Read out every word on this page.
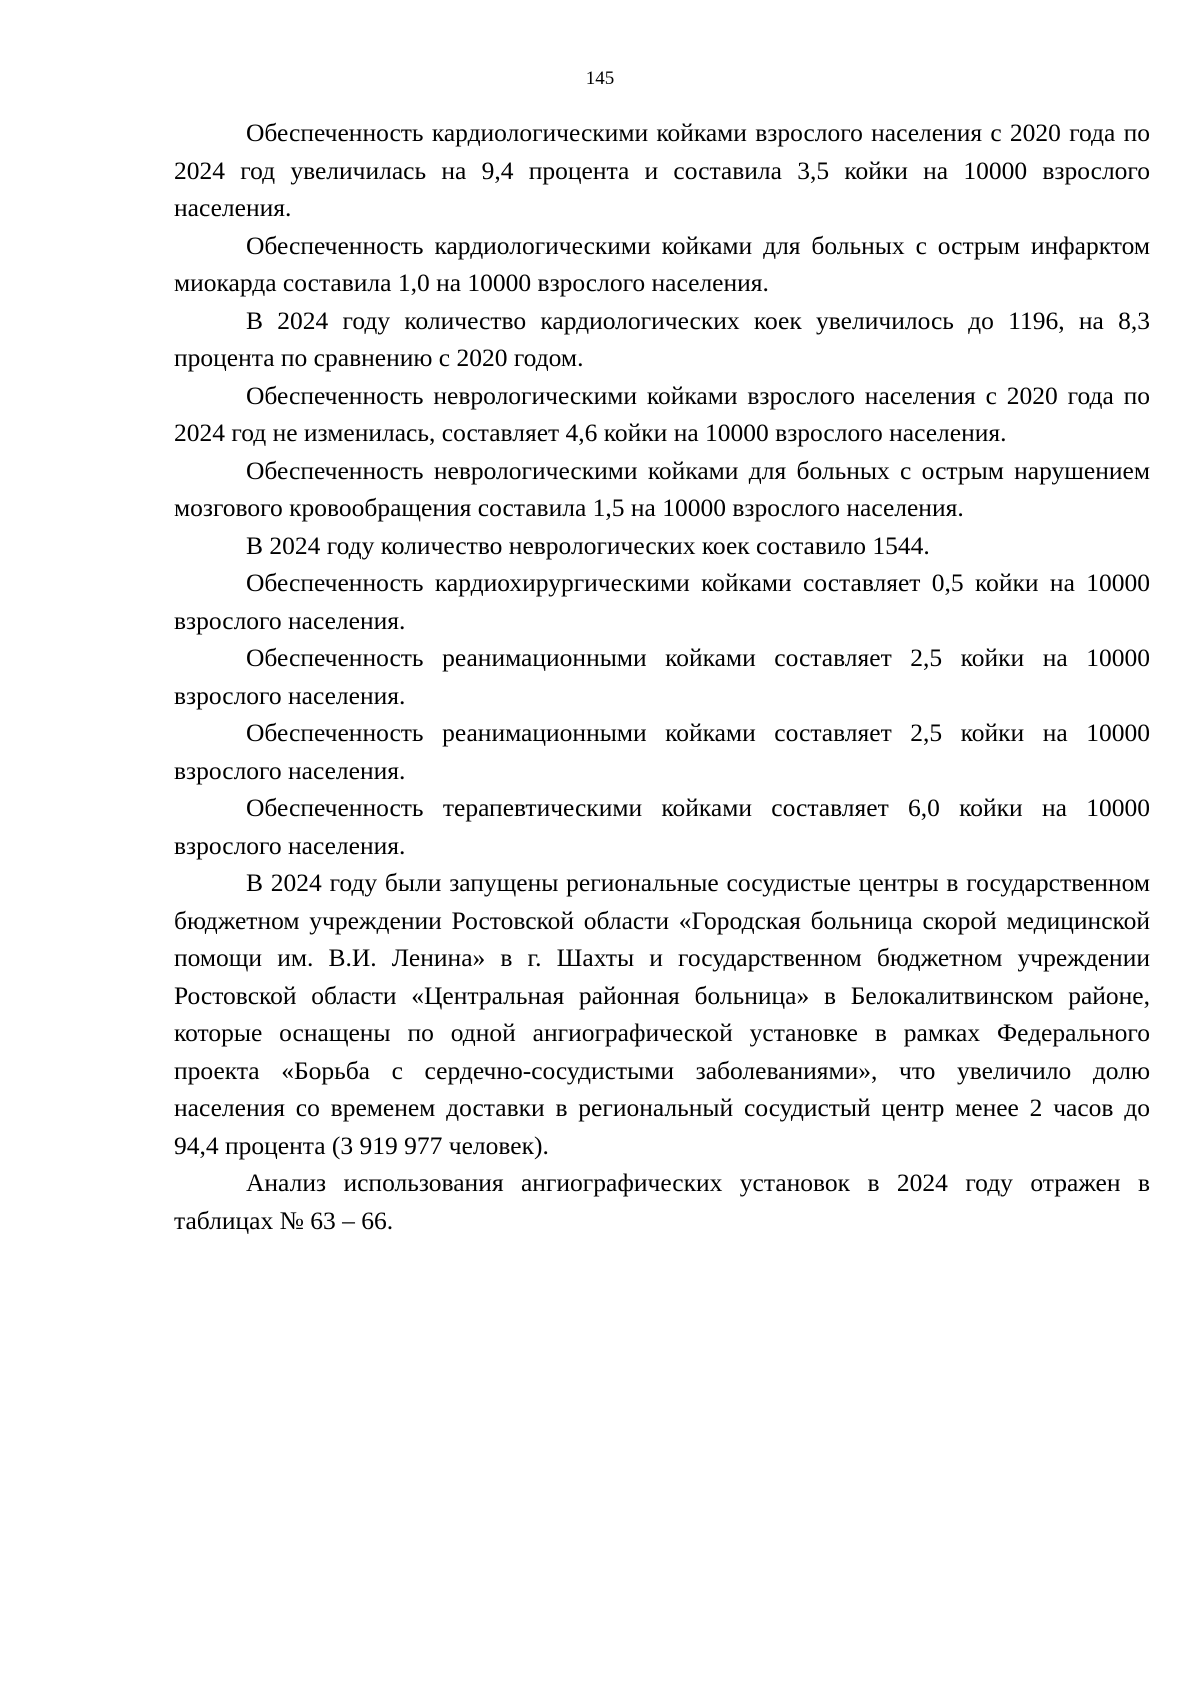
145

Обеспеченность кардиологическими койками взрослого населения с 2020 года по 2024 год увеличилась на 9,4 процента и составила 3,5 койки на 10000 взрослого населения.

Обеспеченность кардиологическими койками для больных с острым инфарктом миокарда составила 1,0 на 10000 взрослого населения.

В 2024 году количество кардиологических коек увеличилось до 1196, на 8,3 процента по сравнению с 2020 годом.

Обеспеченность неврологическими койками взрослого населения с 2020 года по 2024 год не изменилась, составляет 4,6 койки на 10000 взрослого населения.

Обеспеченность неврологическими койками для больных с острым нарушением мозгового кровообращения составила 1,5 на 10000 взрослого населения.

В 2024 году количество неврологических коек составило 1544.

Обеспеченность кардиохирургическими койками составляет 0,5 койки на 10000 взрослого населения.

Обеспеченность реанимационными койками составляет 2,5 койки на 10000 взрослого населения.

Обеспеченность реанимационными койками составляет 2,5 койки на 10000 взрослого населения.

Обеспеченность терапевтическими койками составляет 6,0 койки на 10000 взрослого населения.

В 2024 году были запущены региональные сосудистые центры в государственном бюджетном учреждении Ростовской области «Городская больница скорой медицинской помощи им. В.И. Ленина» в г. Шахты и государственном бюджетном учреждении Ростовской области «Центральная районная больница» в Белокалитвинском районе, которые оснащены по одной ангиографической установке в рамках Федерального проекта «Борьба с сердечно-сосудистыми заболеваниями», что увеличило долю населения со временем доставки в региональный сосудистый центр менее 2 часов до 94,4 процента (3 919 977 человек).

Анализ использования ангиографических установок в 2024 году отражен в таблицах № 63 – 66.
